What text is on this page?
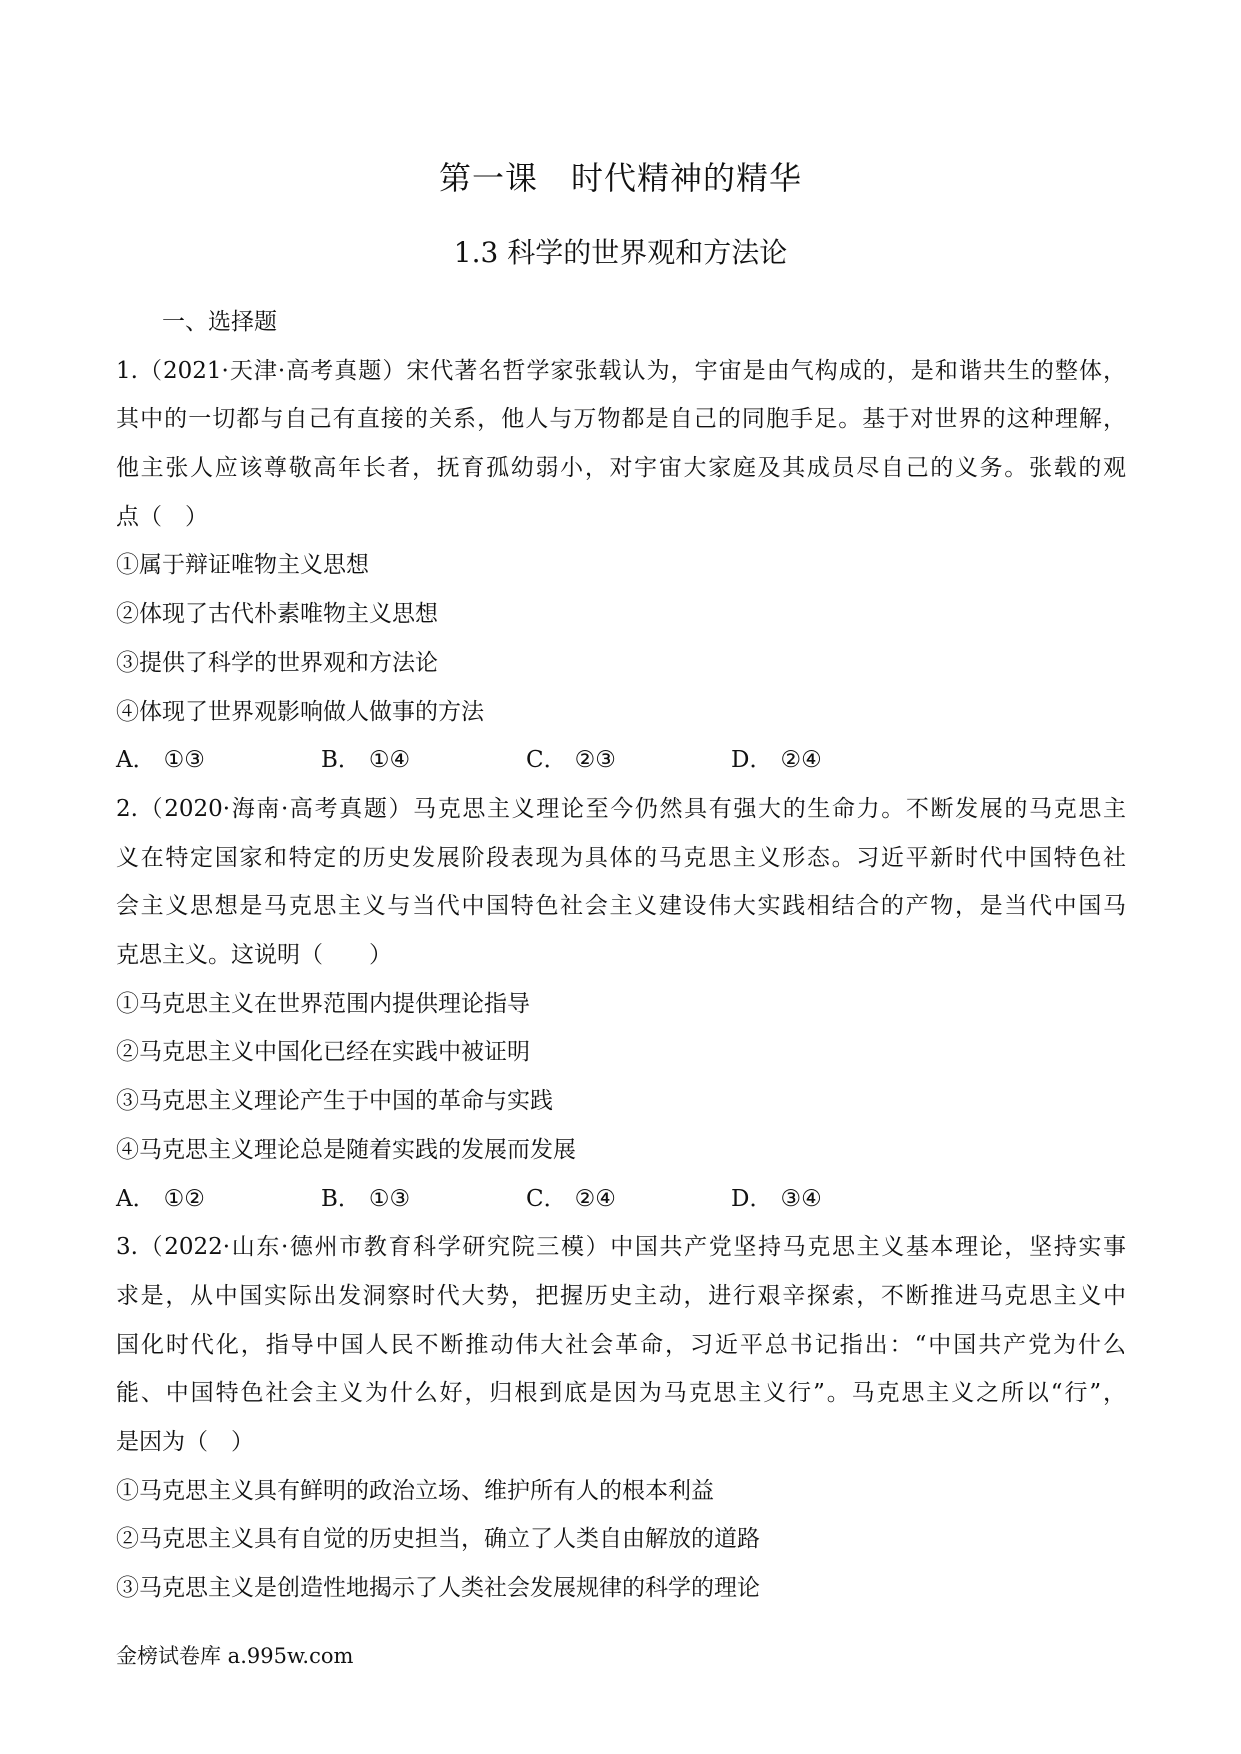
第一课　时代精神的精华
1.3 科学的世界观和方法论
一、选择题
1.（2021·天津·高考真题）宋代著名哲学家张载认为，宇宙是由气构成的，是和谐共生的整体，
其中的一切都与自己有直接的关系，他人与万物都是自己的同胞手足。基于对世界的这种理解，
他主张人应该尊敬高年长者，抚育孤幼弱小，对宇宙大家庭及其成员尽自己的义务。张载的观
点（　）
①属于辩证唯物主义思想
②体现了古代朴素唯物主义思想
③提供了科学的世界观和方法论
④体现了世界观影响做人做事的方法
A． ①③	B． ①④	C． ②③	D． ②④
2.（2020·海南·高考真题）马克思主义理论至今仍然具有强大的生命力。不断发展的马克思主
义在特定国家和特定的历史发展阶段表现为具体的马克思主义形态。习近平新时代中国特色社
会主义思想是马克思主义与当代中国特色社会主义建设伟大实践相结合的产物，是当代中国马
克思主义。这说明（　　）
①马克思主义在世界范围内提供理论指导
②马克思主义中国化已经在实践中被证明
③马克思主义理论产生于中国的革命与实践
④马克思主义理论总是随着实践的发展而发展
A． ①②	B． ①③	C． ②④	D． ③④
3.（2022·山东·德州市教育科学研究院三模）中国共产党坚持马克思主义基本理论，坚持实事
求是，从中国实际出发洞察时代大势，把握历史主动，进行艰辛探索，不断推进马克思主义中
国化时代化，指导中国人民不断推动伟大社会革命，习近平总书记指出：“中国共产党为什么
能、中国特色社会主义为什么好，归根到底是因为马克思主义行”。马克思主义之所以“行”，
是因为（　）
①马克思主义具有鲜明的政治立场、维护所有人的根本利益
②马克思主义具有自觉的历史担当，确立了人类自由解放的道路
③马克思主义是创造性地揭示了人类社会发展规律的科学的理论
金榜试卷库 a.995w.com
